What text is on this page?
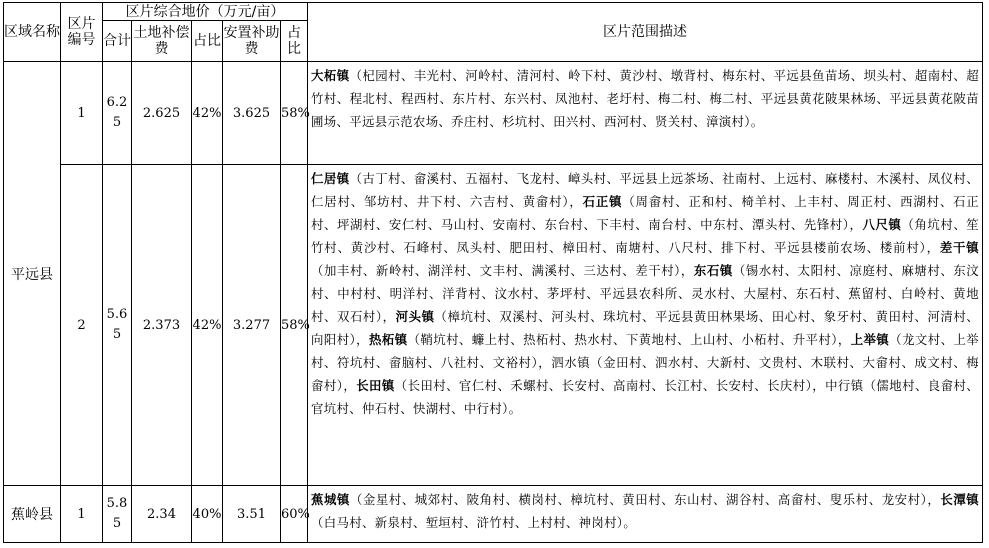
区域名称	区片编号	区片综合地价（万元/亩）					区片范围描述
		合计	土地补偿费	占比	安置补助费	占比	
平远县	1	6.25	2.625	42%	3.625	58%	大柘镇（杞园村、丰光村、河岭村、清河村、岭下村、黄沙村、墩背村、梅东村、平远县鱼苗场、坝头村、超南村、超竹村、程北村、程西村、东片村、东兴村、凤池村、老圩村、梅二村、梅二村、平远县黄花陂果林场、平远县黄花陂苗圃场、平远县示范农场、乔庄村、杉坑村、田兴村、西河村、贤关村、漳演村）。
	2	5.65	2.373	42%	3.277	58%	仁居镇（古丁村、畲溪村、五福村、飞龙村、嶂头村、平远县上远茶场、社南村、上远村、麻楼村、木溪村、凤仪村、仁居村、邹坊村、井下村、六吉村、黄畲村），石正镇（周畲村、正和村、椅羊村、上丰村、周正村、西湖村、石正村、坪湖村、安仁村、马山村、安南村、东台村、下丰村、南台村、中东村、潭头村、先锋村），八尺镇（角坑村、笙竹村、黄沙村、石峰村、凤头村、肥田村、樟田村、南塘村、八尺村、排下村、平远县楼前农场、楼前村），差干镇（加丰村、新岭村、湖洋村、文丰村、满溪村、三达村、差干村），东石镇（锡水村、太阳村、凉庭村、麻塘村、东汶村、中村村、明洋村、洋背村、汶水村、茅坪村、平远县农科所、灵水村、大屋村、东石村、蕉留村、白岭村、黄地村、双石村），河头镇（樟坑村、双溪村、河头村、珠坑村、平远县黄田林果场、田心村、象牙村、黄田村、河清村、向阳村），热柘镇（鞘坑村、蠊上村、热柘村、热水村、下黄地村、上山村、小柘村、升平村），上举镇（龙文村、上举村、符坑村、畲脑村、八社村、文裕村），泗水镇（金田村、泗水村、大新村、文贵村、木联村、大畲村、成文村、梅畲村），长田镇（长田村、官仁村、禾螺村、长安村、高南村、长江村、长安村、长庆村），中行镇（儒地村、良畲村、官坑村、仲石村、快湖村、中行村）。
蕉岭县	1	5.85	2.34	40%	3.51	60%	蕉城镇（金星村、城郊村、陂角村、横岗村、樟坑村、黄田村、东山村、湖谷村、高畲村、叟乐村、龙安村），长潭镇（白马村、新泉村、堑垣村、浒竹村、上村村、神岗村）。
